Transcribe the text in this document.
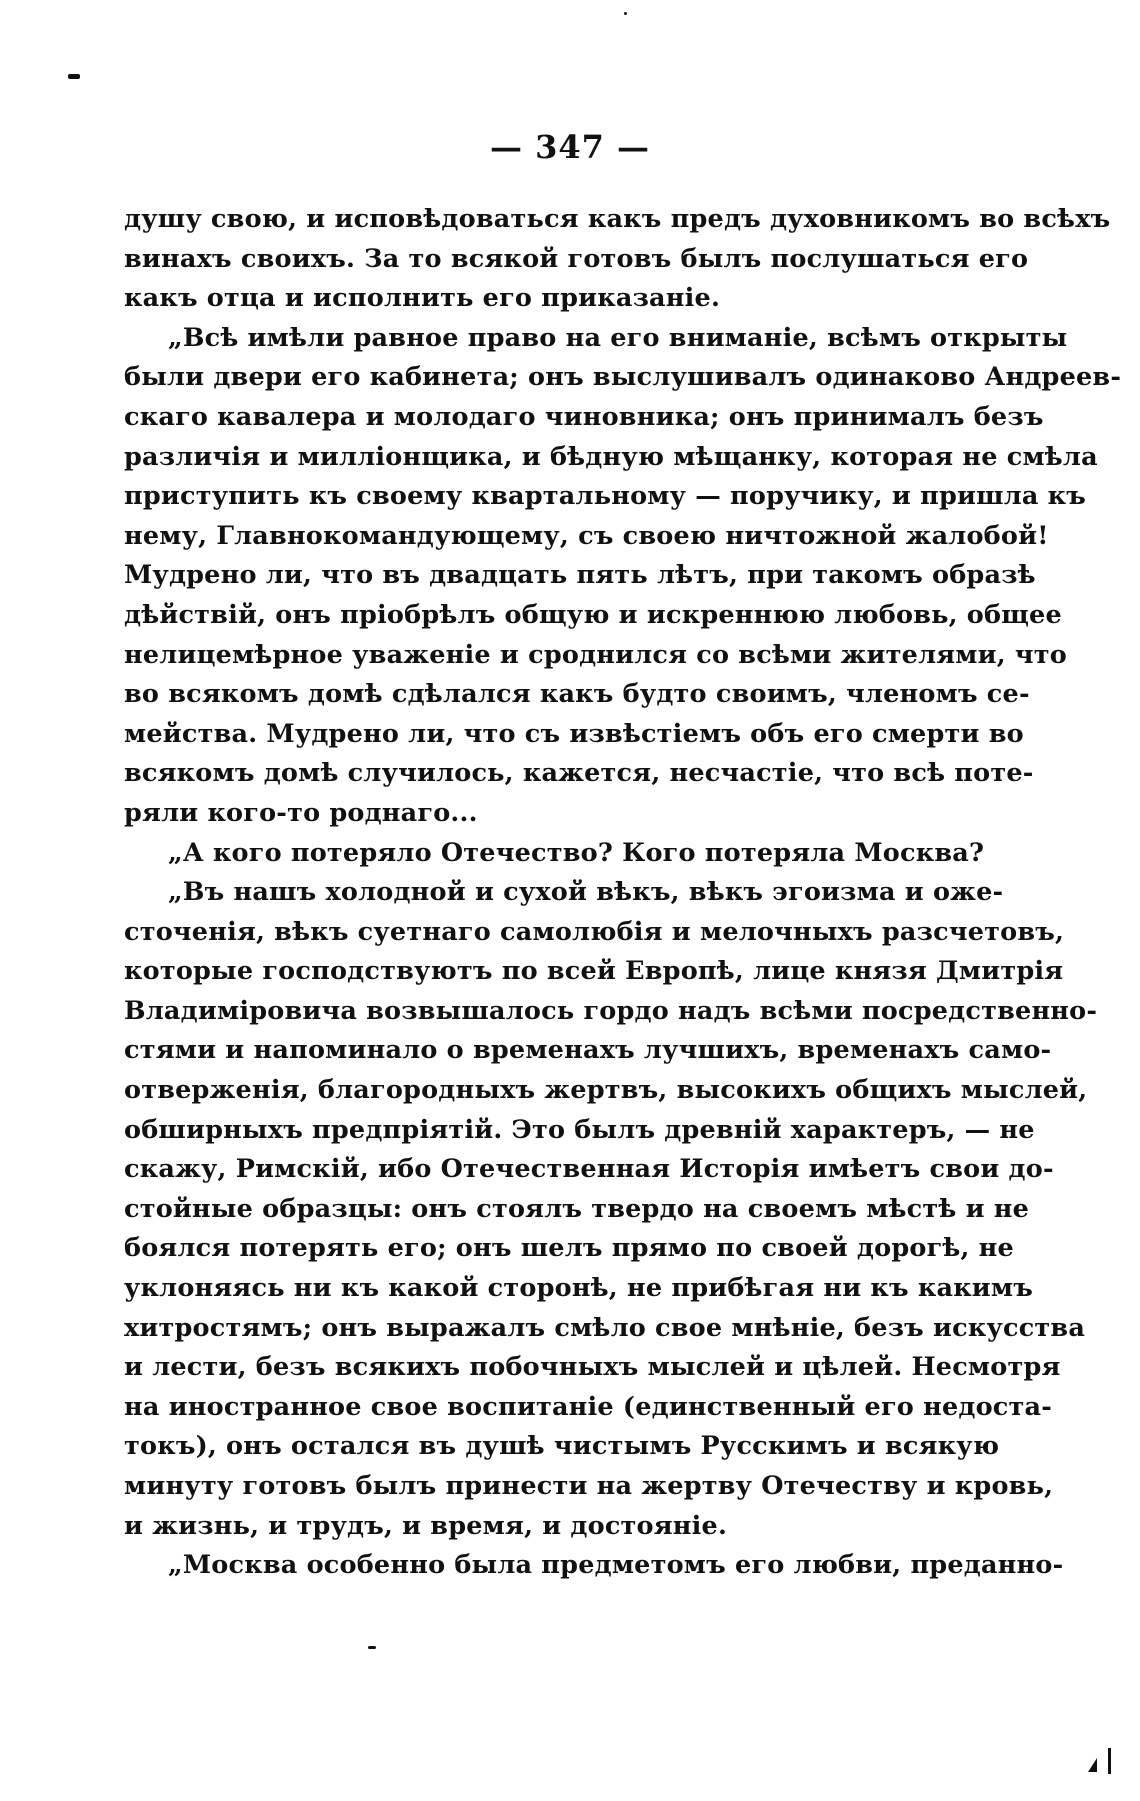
— 347 —
душу свою, и исповѣдоваться какъ предъ духовникомъ во всѣхъ
винахъ своихъ. За то всякой готовъ былъ послушаться его
какъ отца и исполнить его приказаніе.
„Всѣ имѣли равное право на его вниманіе, всѣмъ открыты
были двери его кабинета; онъ выслушивалъ одинаково Андреев-
скаго кавалера и молодаго чиновника; онъ принималъ безъ
различія и милліонщика, и бѣдную мѣщанку, которая не смѣла
приступить къ своему квартальному — поручику, и пришла къ
нему, Главнокомандующему, съ своею ничтожной жалобой!
Мудрено ли, что въ двадцать пять лѣтъ, при такомъ образѣ
дѣйствій, онъ пріобрѣлъ общую и искреннюю любовь, общее
нелицемѣрное уваженіе и сроднился со всѣми жителями, что
во всякомъ домѣ сдѣлался какъ будто своимъ, членомъ се-
мейства. Мудрено ли, что съ извѣстіемъ объ его смерти во
всякомъ домѣ случилось, кажется, несчастіе, что всѣ поте-
ряли кого-то роднаго...
„А кого потеряло Отечество? Кого потеряла Москва?
„Въ нашъ холодной и сухой вѣкъ, вѣкъ эгоизма и оже-
сточенія, вѣкъ суетнаго самолюбія и мелочныхъ разсчетовъ,
которые господствуютъ по всей Европѣ, лице князя Дмитрія
Владиміровича возвышалось гордо надъ всѣми посредственно-
стями и напоминало о временахъ лучшихъ, временахъ само-
отверженія, благородныхъ жертвъ, высокихъ общихъ мыслей,
обширныхъ предпріятій. Это былъ древній характеръ, — не
скажу, Римскій, ибо Отечественная Исторія имѣетъ свои до-
стойные образцы: онъ стоялъ твердо на своемъ мѣстѣ и не
боялся потерять его; онъ шелъ прямо по своей дорогѣ, не
уклоняясь ни къ какой сторонѣ, не прибѣгая ни къ какимъ
хитростямъ; онъ выражалъ смѣло свое мнѣніе, безъ искусства
и лести, безъ всякихъ побочныхъ мыслей и цѣлей. Несмотря
на иностранное свое воспитаніе (единственный его недоста-
токъ), онъ остался въ душѣ чистымъ Русскимъ и всякую
минуту готовъ былъ принести на жертву Отечеству и кровь,
и жизнь, и трудъ, и время, и достояніе.
„Москва особенно была предметомъ его любви, преданно-
